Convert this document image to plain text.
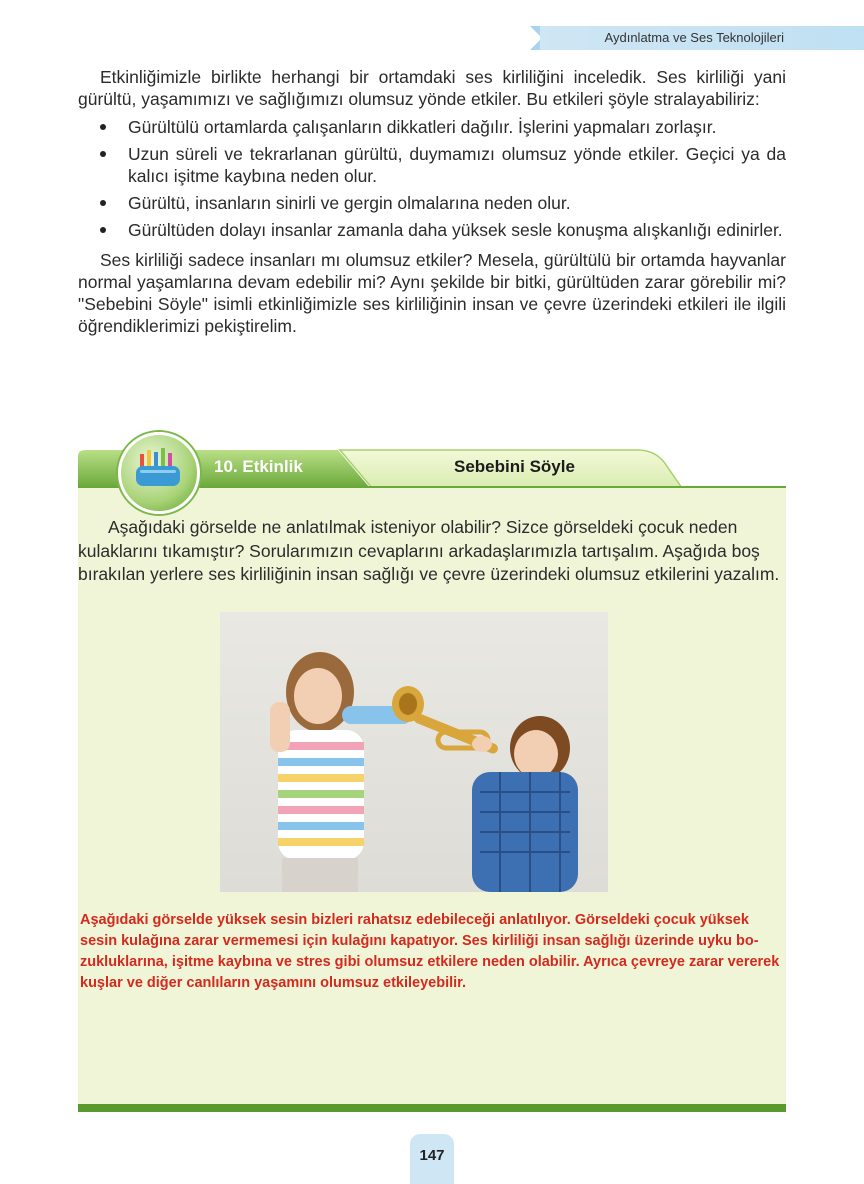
Aydınlatma ve Ses Teknolojileri

Etkinliğimizle birlikte herhangi bir ortamdaki ses kirliliğini inceledik. Ses kirliliği yani gürültü, yaşamımızı ve sağlığımızı olumsuz yönde etkiler. Bu etkileri şöyle stralayabiliriz:

Gürültülü ortamlarda çalışanların dikkatleri dağılır. İşlerini yapmaları zorlaşır.
Uzun süreli ve tekrarlanan gürültü, duymamızı olumsuz yönde etkiler. Geçici ya da kalıcı işitme kaybına neden olur.
Gürültü, insanların sinirli ve gergin olmalarına neden olur.
Gürültüden dolayı insanlar zamanla daha yüksek sesle konuşma alışkanlığı edinirler.

Ses kirliliği sadece insanları mı olumsuz etkiler? Mesela, gürültülü bir ortamda hayvanlar normal yaşamlarına devam edebilir mi? Aynı şekilde bir bitki, gürültüden zarar görebilir mi? "Sebebini Söyle" isimli etkinliğimizle ses kirliliğinin insan ve çevre üzerindeki etkileri ile ilgili öğrendiklerimizi pekiştirelim.

10. Etkinlik	Sebebini Söyle

Aşağıdaki görselde ne anlatılmak isteniyor olabilir? Sizce görseldeki çocuk neden kulaklarını tıkamıştır? Sorularımızın cevaplarını arkadaşlarımızla tartışalım. Aşağıda boş bırakılan yerlere ses kirliliğinin insan sağlığı ve çevre üzerindeki olumsuz etkilerini yazalım.

Aşağıdaki görselde yüksek sesin bizleri rahatsız edebileceği anlatılıyor. Görseldeki çocuk yüksek sesin kulağına zarar vermemesi için kulağını kapatıyor. Ses kirliliği insan sağlığı üzerinde uyku bozukluklarına, işitme kaybına ve stres gibi olumsuz etkilere neden olabilir. Ayrıca çevreye zarar vererek kuşlar ve diğer canlıların yaşamını olumsuz etkileyebilir.

147
